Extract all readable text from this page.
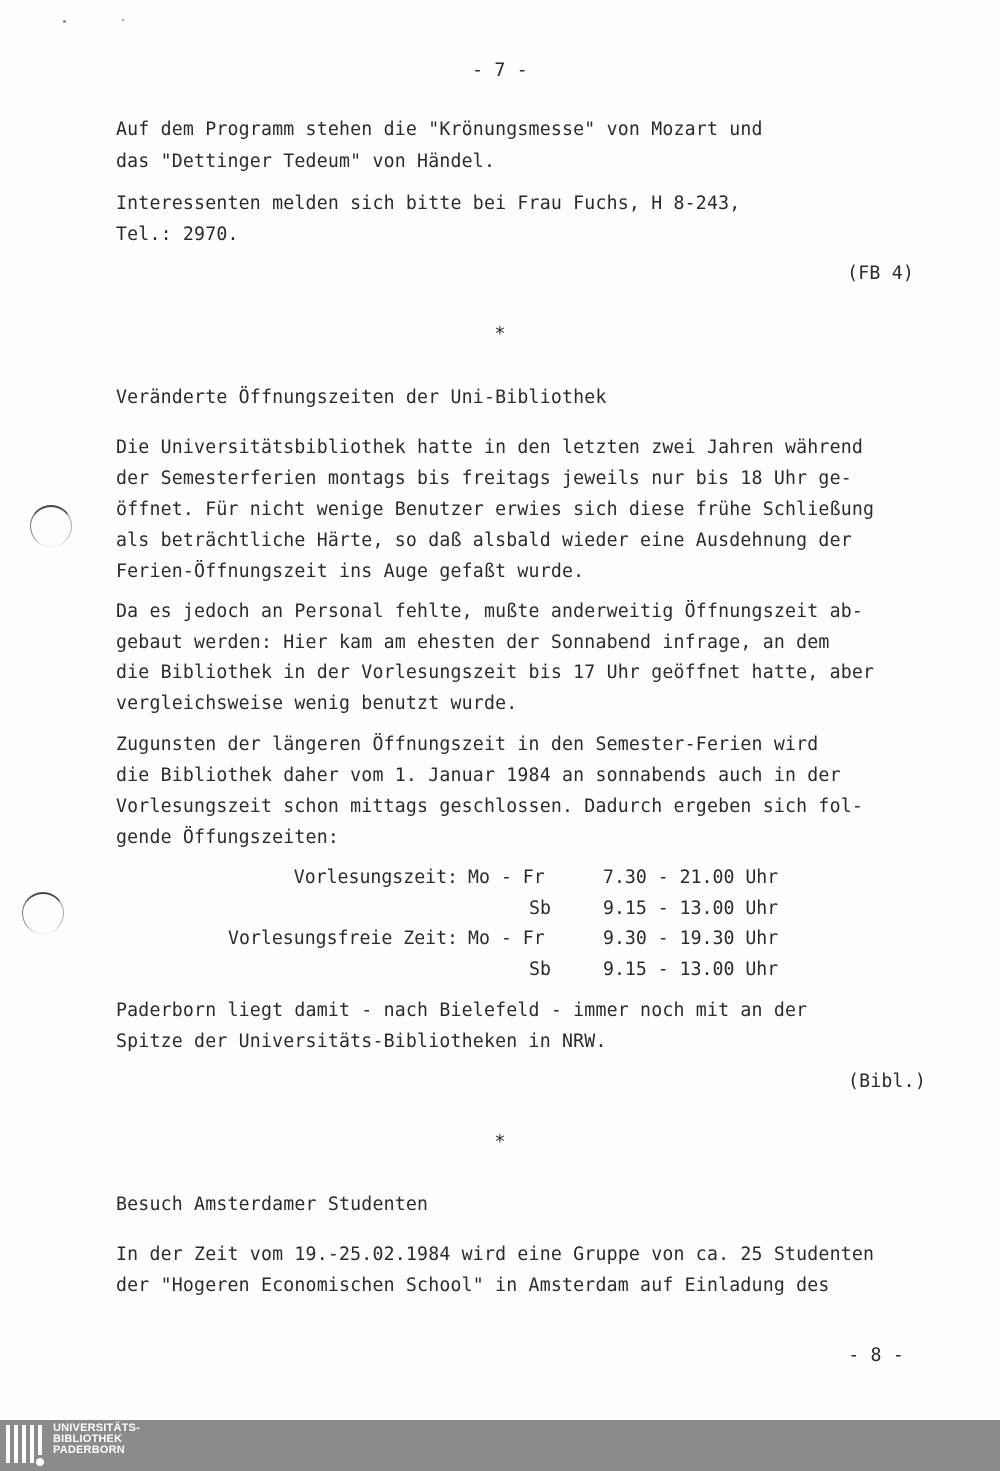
- 7 -
Auf dem Programm stehen die "Krönungsmesse" von Mozart und
das "Dettinger Tedeum" von Händel.
Interessenten melden sich bitte bei Frau Fuchs, H 8-243,
Tel.: 2970.
(FB 4)
*
Veränderte Öffnungszeiten der Uni-Bibliothek
Die Universitätsbibliothek hatte in den letzten zwei Jahren während
der Semesterferien montags bis freitags jeweils nur bis 18 Uhr ge-
öffnet. Für nicht wenige Benutzer erwies sich diese frühe Schließung
als beträchtliche Härte, so daß alsbald wieder eine Ausdehnung der
Ferien-Öffnungszeit ins Auge gefaßt wurde.
Da es jedoch an Personal fehlte, mußte anderweitig Öffnungszeit ab-
gebaut werden: Hier kam am ehesten der Sonnabend infrage, an dem
die Bibliothek in der Vorlesungszeit bis 17 Uhr geöffnet hatte, aber
vergleichsweise wenig benutzt wurde.
Zugunsten der längeren Öffnungszeit in den Semester-Ferien wird
die Bibliothek daher vom 1. Januar 1984 an sonnabends auch in der
Vorlesungszeit schon mittags geschlossen. Dadurch ergeben sich fol-
gende Öffungszeiten:
Vorlesungszeit: Mo - Fr	7.30 - 21.00 Uhr
Sb	9.15 - 13.00 Uhr
Vorlesungsfreie Zeit: Mo - Fr	9.30 - 19.30 Uhr
Sb	9.15 - 13.00 Uhr
Paderborn liegt damit - nach Bielefeld - immer noch mit an der
Spitze der Universitäts-Bibliotheken in NRW.
(Bibl.)
*
Besuch Amsterdamer Studenten
In der Zeit vom 19.-25.02.1984 wird eine Gruppe von ca. 25 Studenten
der "Hogeren Economischen School" in Amsterdam auf Einladung des
- 8 -
UNIVERSITÄTS-
BIBLIOTHEK
PADERBORN
